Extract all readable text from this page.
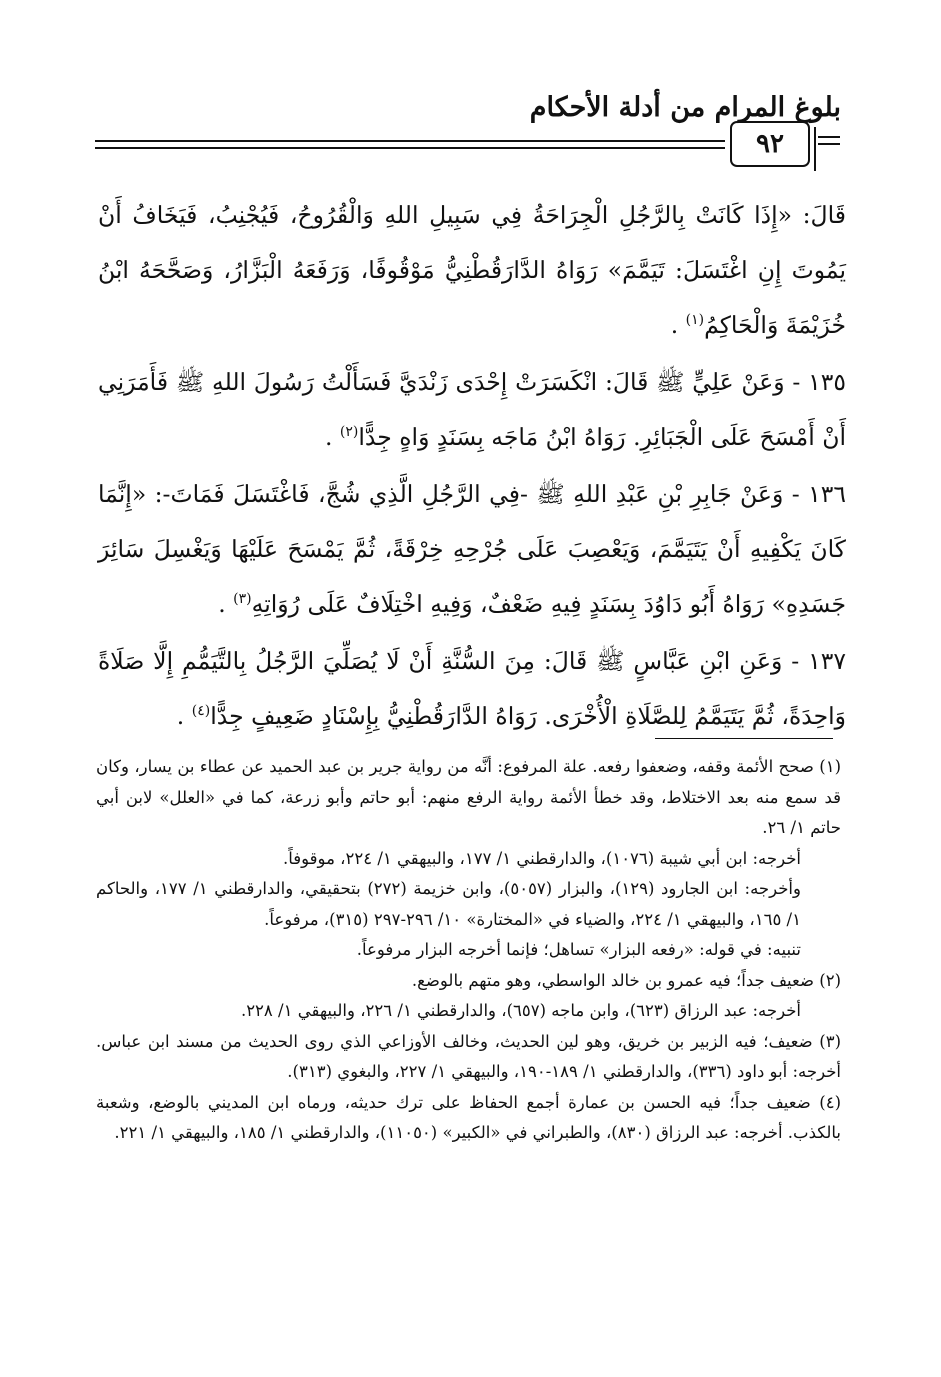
بلوغ المرام من أدلة الأحكام
٩٢

قَالَ: «إِذَا كَانَتْ بِالرَّجُلِ الْجِرَاحَةُ فِي سَبِيلِ اللهِ وَالْقُرُوحُ، فَيُجْنِبُ، فَيَخَافُ أَنْ يَمُوتَ إِنِ اغْتَسَلَ: تَيَمَّمَ» رَوَاهُ الدَّارَقُطْنِيُّ مَوْقُوفًا، وَرَفَعَهُ الْبَزَّارُ، وَصَحَّحَهُ ابْنُ خُزَيْمَةَ وَالْحَاكِمُ$^{(١)}$ .

١٣٥ - وَعَنْ عَلِيٍّ ﷺ قَالَ: انْكَسَرَتْ إِحْدَى زَنْدَيَّ فَسَأَلْتُ رَسُولَ اللهِ ﷺ فَأَمَرَنِي أَنْ أَمْسَحَ عَلَى الْجَبَائِرِ. رَوَاهُ ابْنُ مَاجَه بِسَنَدٍ وَاهٍ جِدًّا$^{(٢)}$ .

١٣٦ - وَعَنْ جَابِرِ بْنِ عَبْدِ اللهِ ﷺ -فِي الرَّجُلِ الَّذِي شُجَّ، فَاغْتَسَلَ فَمَاتَ-: «إِنَّمَا كَانَ يَكْفِيهِ أَنْ يَتَيَمَّمَ، وَيَعْصِبَ عَلَى جُرْحِهِ خِرْقَةً، ثُمَّ يَمْسَحَ عَلَيْهَا وَيَغْسِلَ سَائِرَ جَسَدِهِ» رَوَاهُ أَبُو دَاوُدَ بِسَنَدٍ فِيهِ ضَعْفٌ، وَفِيهِ اخْتِلَافٌ عَلَى رُوَاتِهِ$^{(٣)}$ .

١٣٧ - وَعَنِ ابْنِ عَبَّاسٍ ﷺ قَالَ: مِنَ السُّنَّةِ أَنْ لَا يُصَلِّيَ الرَّجُلُ بِالتَّيَمُّمِ إِلَّا صَلَاةً وَاحِدَةً، ثُمَّ يَتَيَمَّمُ لِلصَّلَاةِ الْأُخْرَى. رَوَاهُ الدَّارَقُطْنِيُّ بِإِسْنَادٍ ضَعِيفٍ جِدًّا$^{(٤)}$ .

(١) صحح الأئمة وقفه، وضعفوا رفعه. علة المرفوع: أنَّه من رواية جرير بن عبد الحميد عن عطاء بن يسار، وكان قد سمع منه بعد الاختلاط، وقد خطأ الأئمة رواية الرفع منهم: أبو حاتم وأبو زرعة، كما في «العلل» لابن أبي حاتم ١/ ٢٦.

أخرجه: ابن أبي شيبة (١٠٧٦)، والدارقطني ١/ ١٧٧، والبيهقي ١/ ٢٢٤، موقوفاً.

وأخرجه: ابن الجارود (١٢٩)، والبزار (٥٠٥٧)، وابن خزيمة (٢٧٢) بتحقيقي، والدارقطني ١/ ١٧٧، والحاكم ١/ ١٦٥، والبيهقي ١/ ٢٢٤، والضياء في «المختارة» ١٠/ ٢٩٦-٢٩٧ (٣١٥)، مرفوعاً.

تنبيه: في قوله: «رفعه البزار» تساهل؛ فإنما أخرجه البزار مرفوعاً.

(٢) ضعيف جداً؛ فيه عمرو بن خالد الواسطي، وهو متهم بالوضع.

أخرجه: عبد الرزاق (٦٢٣)، وابن ماجه (٦٥٧)، والدارقطني ١/ ٢٢٦، والبيهقي ١/ ٢٢٨.

(٣) ضعيف؛ فيه الزبير بن خريق، وهو لين الحديث، وخالف الأوزاعي الذي روى الحديث من مسند ابن عباس. أخرجه: أبو داود (٣٣٦)، والدارقطني ١/ ١٨٩-١٩٠، والبيهقي ١/ ٢٢٧، والبغوي (٣١٣).

(٤) ضعيف جداً؛ فيه الحسن بن عمارة أجمع الحفاظ على ترك حديثه، ورماه ابن المديني بالوضع، وشعبة بالكذب. أخرجه: عبد الرزاق (٨٣٠)، والطبراني في «الكبير» (١١٠٥٠)، والدارقطني ١/ ١٨٥، والبيهقي ١/ ٢٢١.
